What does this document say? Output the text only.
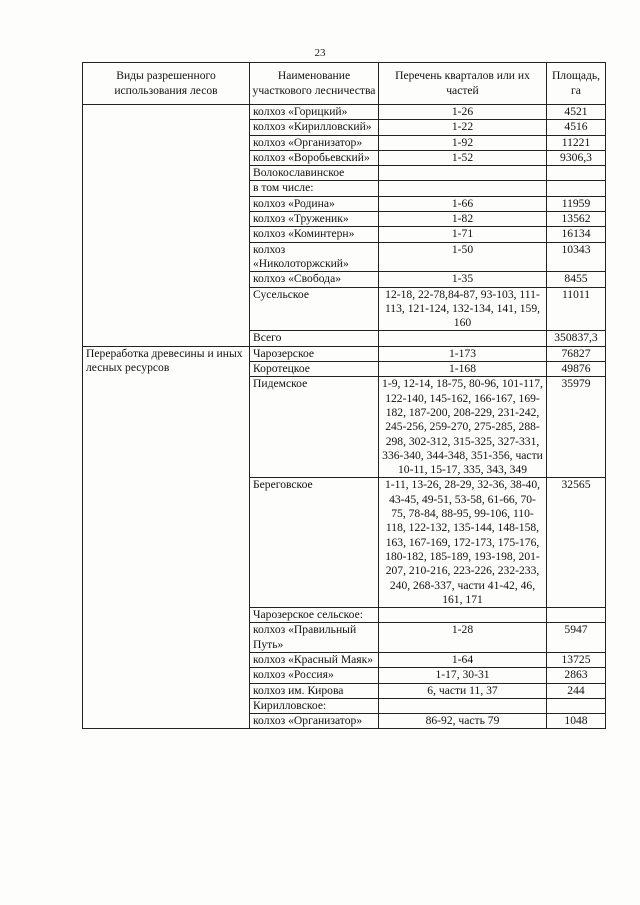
23
Виды разрешенного использования лесов	Наименование участкового лесничества	Перечень кварталов или их частей	Площадь, га
	колхоз «Горицкий»	1-26	4521
	колхоз «Кирилловский»	1-22	4516
	колхоз «Организатор»	1-92	11221
	колхоз «Воробьевский»	1-52	9306,3
	Волокославинское		
	в том числе:		
	колхоз «Родина»	1-66	11959
	колхоз «Труженик»	1-82	13562
	колхоз «Коминтерн»	1-71	16134
	колхоз «Николоторжский»	1-50	10343
	колхоз «Свобода»	1-35	8455
	Сусельское	12-18, 22-78,84-87, 93-103, 111-113, 121-124, 132-134, 141, 159, 160	11011
	Всего		350837,3
Переработка древесины и иных лесных ресурсов	Чарозерское	1-173	76827
	Коротецкое	1-168	49876
	Пидемское	1-9, 12-14, 18-75, 80-96, 101-117, 122-140, 145-162, 166-167, 169-182, 187-200, 208-229, 231-242, 245-256, 259-270, 275-285, 288-298, 302-312, 315-325, 327-331, 336-340, 344-348, 351-356, части 10-11, 15-17, 335, 343, 349	35979
	Береговское	1-11, 13-26, 28-29, 32-36, 38-40, 43-45, 49-51, 53-58, 61-66, 70-75, 78-84, 88-95, 99-106, 110-118, 122-132, 135-144, 148-158, 163, 167-169, 172-173, 175-176, 180-182, 185-189, 193-198, 201-207, 210-216, 223-226, 232-233, 240, 268-337, части 41-42, 46, 161, 171	32565
	Чарозерское сельское:		
	колхоз «Правильный Путь»	1-28	5947
	колхоз «Красный Маяк»	1-64	13725
	колхоз «Россия»	1-17, 30-31	2863
	колхоз им. Кирова	6, части 11, 37	244
	Кирилловское:		
	колхоз «Организатор»	86-92, часть 79	1048
